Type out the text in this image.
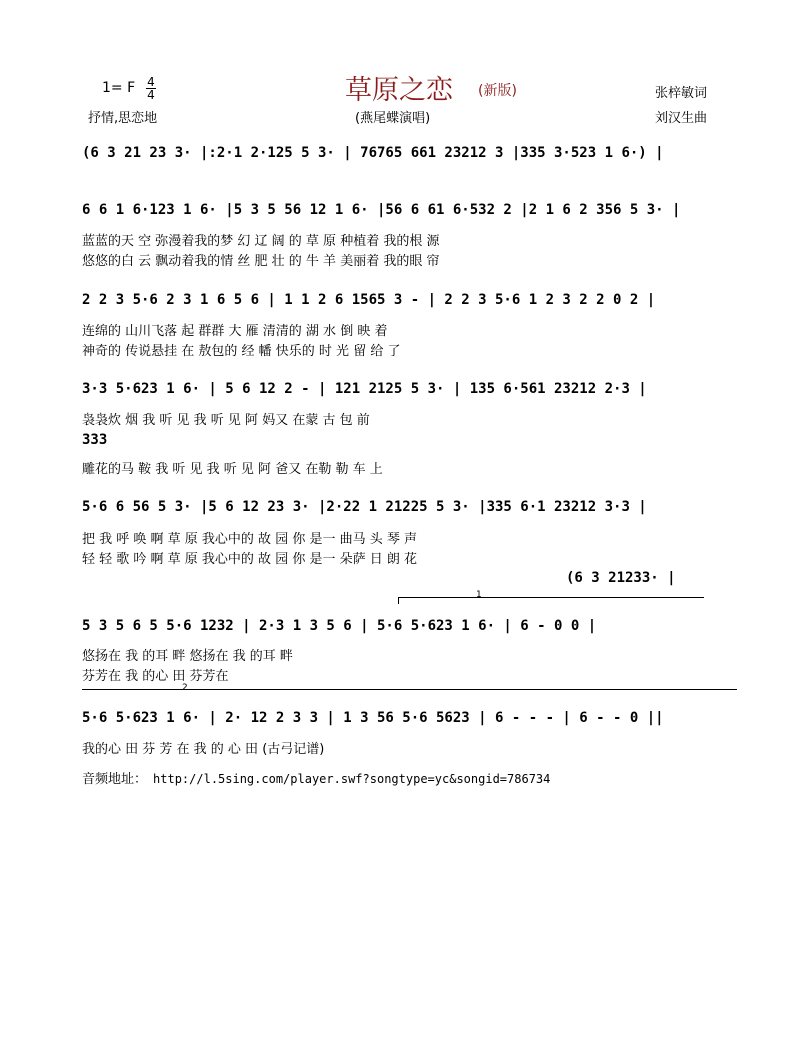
1= F 4
4	草原之恋 (新版)	张梓敏词
抒情,思恋地	(燕尾蝶演唱)	刘汉生曲
(6 3 21 23 3· |:2·1 2·125 5 3· | 76765 661 23212 3 |335 3·523 1 6·) |
6 6 1 6·123 1 6· |5 3 5 56 12 1 6· |56 6 61 6·532 2 |2 1 6 2 356 5 3· |
蓝蓝的天 空 弥漫着我的梦 幻 辽 阔 的 草 原 种植着 我的根 源
悠悠的白 云 飘动着我的情 丝 肥 壮 的 牛 羊 美丽着 我的眼 帘
2 2 3 5·6 2 3 1 6 5 6 | 1 1 2 6 1565 3 - | 2 2 3 5·6 1 2 3 2 2 0 2 |
连绵的 山川飞落 起 群群 大 雁 清清的 湖 水 倒 映 着
神奇的 传说悬挂 在 敖包的 经 幡 快乐的 时 光 留 给 了
3·3 5·623 1 6· | 5 6 12 2 - | 121 2125 5 3· | 135 6·561 23212 2·3 |
袅袅炊 烟 我 听 见 我 听 见 阿 妈又 在蒙 古 包 前
333
雕花的马 鞍 我 听 见 我 听 见 阿 爸又 在勒 勒 车 上
5·6 6 56 5 3· |5 6 12 23 3· |2·22 1 21225 5 3· |335 6·1 23212 3·3 |
把 我 呼 唤 啊 草 原 我心中的 故 园 你 是一 曲马 头 琴 声
轻 轻 歌 吟 啊 草 原 我心中的 故 园 你 是一 朵萨 日 朗 花
(6 3 21233· |
1
5 3 5 6 5 5·6 1232 | 2·3 1 3 5 6 | 5·6 5·623 1 6· | 6 - 0 0 |
悠扬在 我 的耳 畔 悠扬在 我 的耳 畔
芬芳在 我 的心 田 芬芳在
2
5·6 5·623 1 6· | 2· 12 2 3 3 | 1 3 56 5·6 5623 | 6 - - - | 6 - - 0 ||
我的心 田 芬 芳 在 我 的 心 田 (古弓记谱)
音频地址： http://l.5sing.com/player.swf?songtype=yc&songid=786734
